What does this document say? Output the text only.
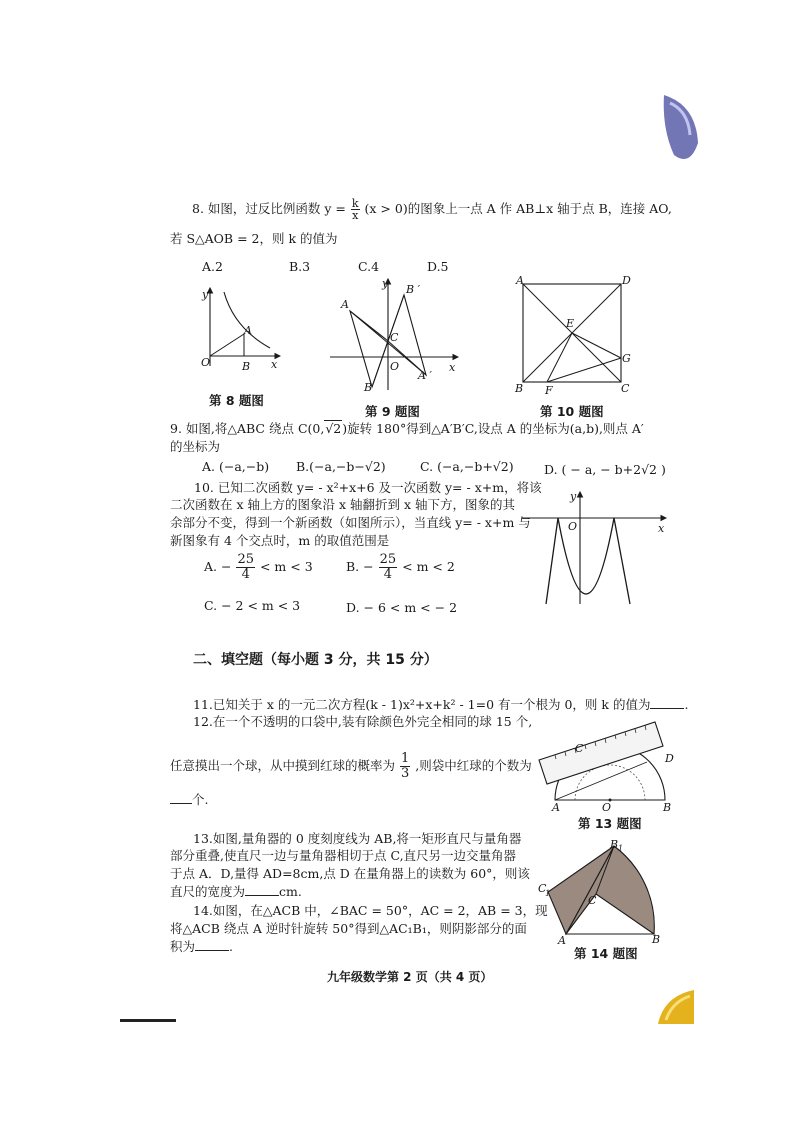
8. 如图，过反比例函数 $y = \frac{k}{x} (x > 0)$的图象上一点 A 作 AB⊥x 轴于点 B，连接 AO,
若 S△AOB = 2，则 k 的值为
A.2	B.3	C.4	D.5
y
x
O	B
A
第 8 题图
A
B
C
B ′
A ′
y
x
O
第 9 题图
A	D
B	C
E
F
G
第 10 题图
9. 如图,将△ABC 绕点 C(0,√2)旋转 180°得到△A′B′C,设点 A 的坐标为(a,b),则点 A′
的坐标为
A. (−a,−b) B.(−a,−b−√2)	C. (−a,−b+√2) D. ( − a, − b+2√2 )
10. 已知二次函数 y= - x²+x+6 及一次函数 y= - x+m，将该
二次函数在 x 轴上方的图象沿 x 轴翻折到 x 轴下方，图象的其
余部分不变，得到一个新函数（如图所示），当直线 y= - x+m 与
新图象有 4 个交点时，m 的取值范围是
A. − $\frac{25}{4} < m < 3$	B. − $\frac{25}{4} < m < 2$
C. − 2 < m < 3	D. − 6 < m < − 2
O
y
x
二、填空题（每小题 3 分，共 15 分）
11.已知关于 x 的一元二次方程(k - 1)x²+x+k² - 1=0 有一个根为 0，则 k 的值为	.
12.在一个不透明的口袋中,装有除颜色外完全相同的球 15 个,
任意摸出一个球，从中摸到红球的概率为 $\frac{1}{3}$ ,则袋中红球的个数为
个.
C
D
A	O	B
第 13 题图
13.如图,量角器的 0 度刻度线为 AB,将一矩形直尺与量角器
部分重叠,使直尺一边与量角器相切于点 C,直尺另一边交量角器
于点 A．D,量得 AD=8cm,点 D 在量角器上的读数为 60°，则该
直尺的宽度为	cm.	C
1
B 1
C
A	B
第 14 题图
14.如图，在△ACB 中，∠BAC = 50°，AC = 2，AB = 3，现
将△ACB 绕点 A 逆时针旋转 50°得到△AC₁B₁，则阴影部分的面
积为	.
九年级数学第 2 页（共 4 页）
